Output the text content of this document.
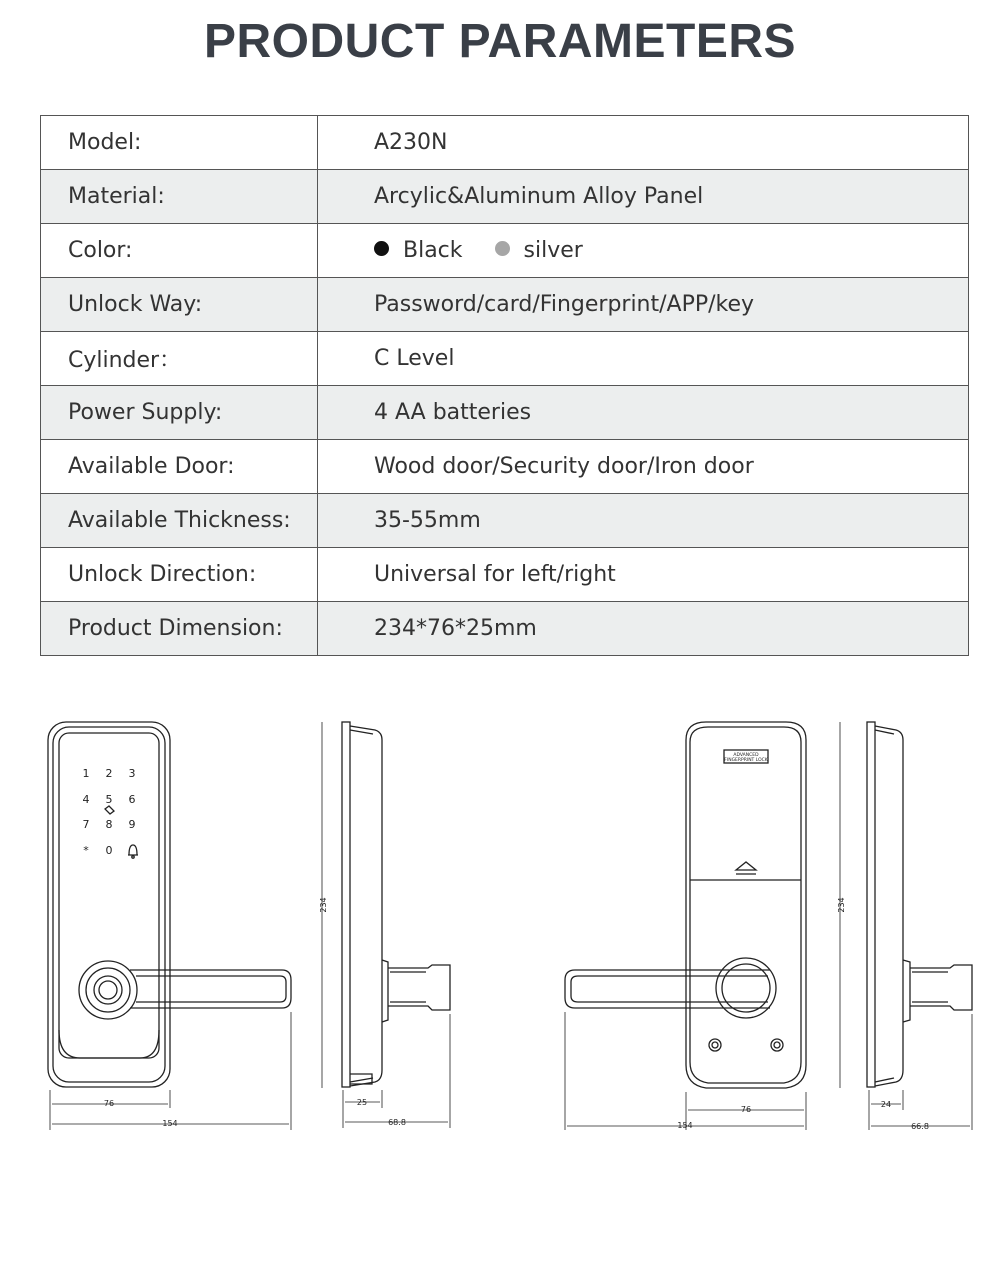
PRODUCT PARAMETERS
Model:	A230N
Material:	Arcylic&Aluminum Alloy Panel
Color:	Black silver
Unlock Way:	Password/card/Fingerprint/APP/key
Cylinder：	C Level
Power Supply:	4 AA batteries
Available Door:	Wood door/Security door/Iron door
Available Thickness:	35-55mm
Unlock Direction:	Universal for left/right
Product Dimension:	234*76*25mm
1 2 3
4 5 6
7 8 9
* 0
76
154
234
25
68.8
ADVANCED
FINGERPRINT LOCK
76
154
234
24
66.8
